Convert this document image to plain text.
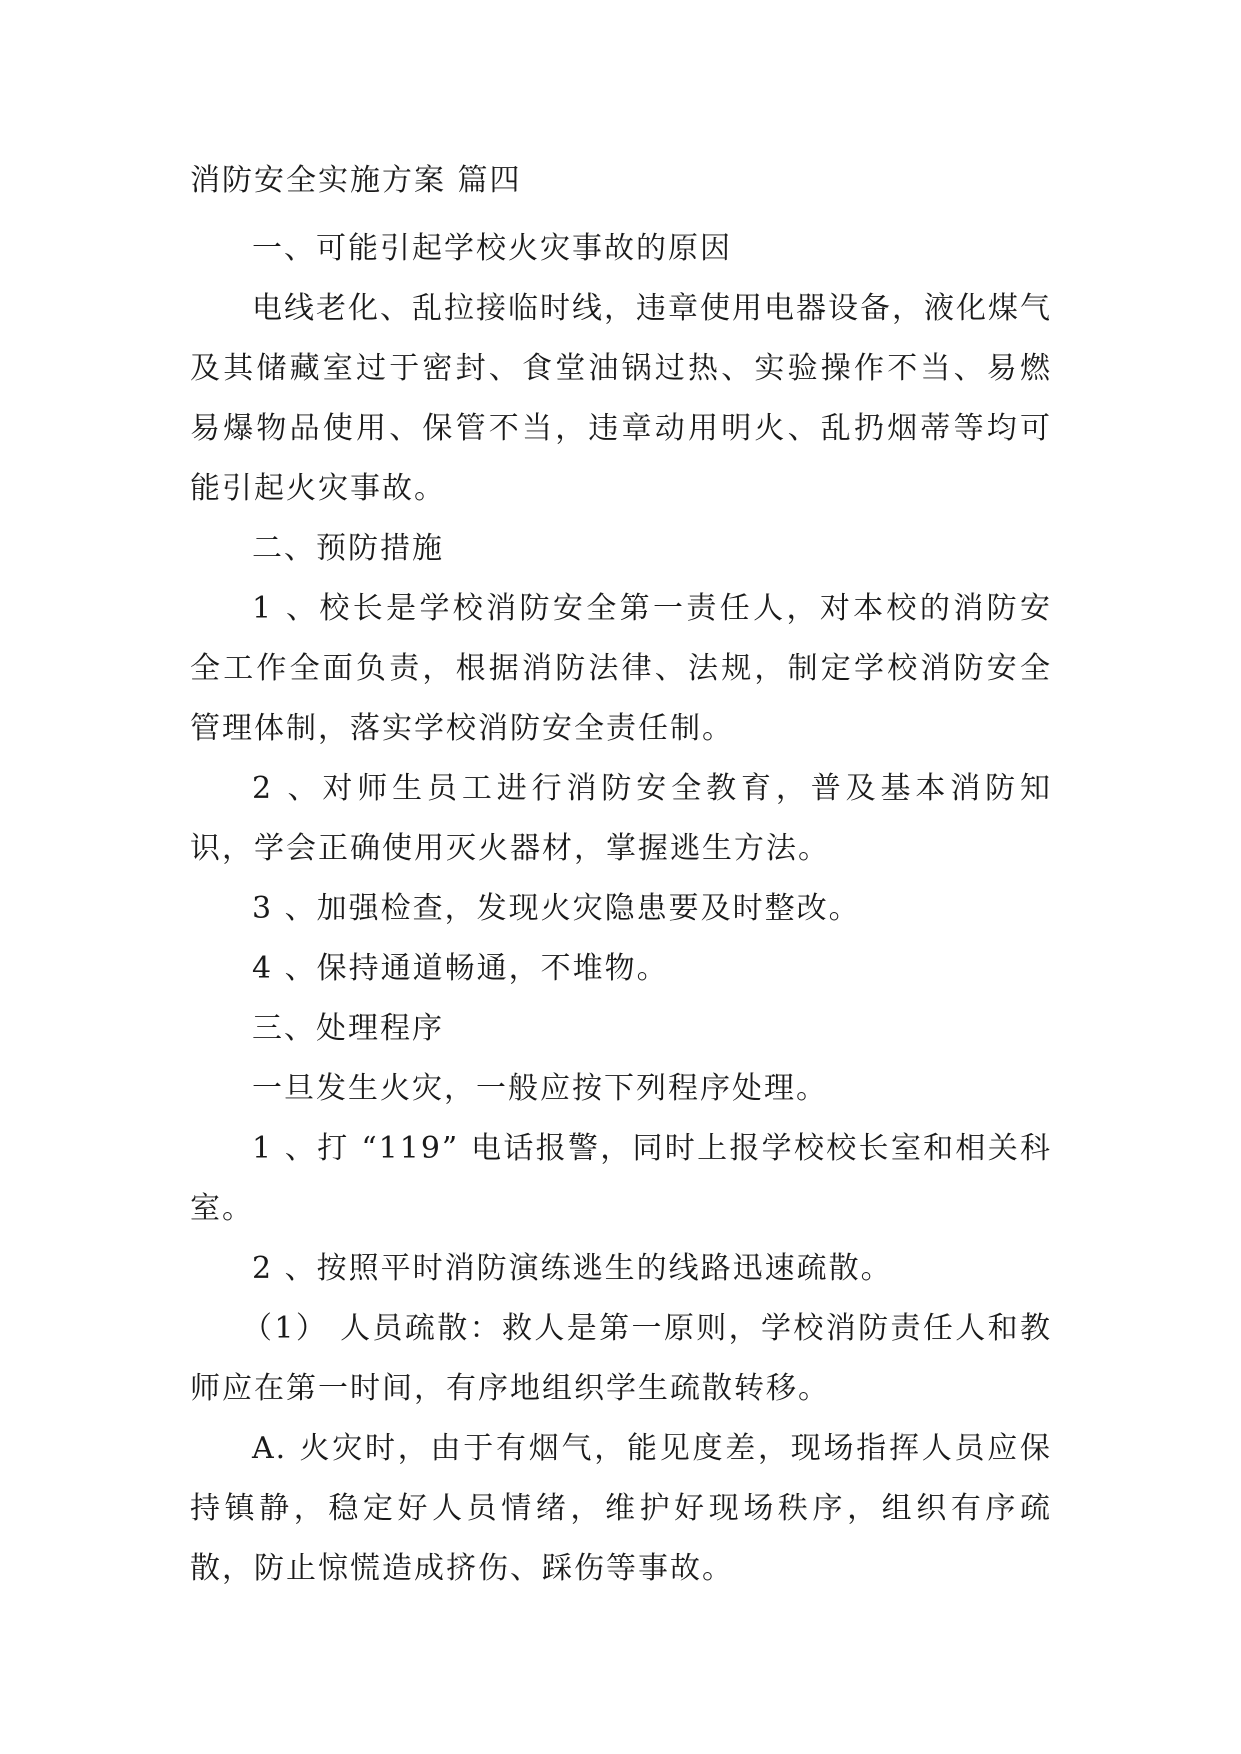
消防安全实施方案 篇四

一、可能引起学校火灾事故的原因

电线老化、乱拉接临时线，违章使用电器设备，液化煤气及其储藏室过于密封、食堂油锅过热、实验操作不当、易燃易爆物品使用、保管不当，违章动用明火、乱扔烟蒂等均可能引起火灾事故。

二、预防措施

1 、校长是学校消防安全第一责任人，对本校的消防安全工作全面负责，根据消防法律、法规，制定学校消防安全管理体制，落实学校消防安全责任制。

2 、对师生员工进行消防安全教育，普及基本消防知识，学会正确使用灭火器材，掌握逃生方法。

3 、加强检查，发现火灾隐患要及时整改。

4 、保持通道畅通，不堆物。

三、处理程序

一旦发生火灾，一般应按下列程序处理。

1 、打 “119” 电话报警，同时上报学校校长室和相关科室。

2 、按照平时消防演练逃生的线路迅速疏散。

（1） 人员疏散：救人是第一原则，学校消防责任人和教师应在第一时间，有序地组织学生疏散转移。

A. 火灾时，由于有烟气，能见度差，现场指挥人员应保持镇静，稳定好人员情绪，维护好现场秩序，组织有序疏散，防止惊慌造成挤伤、踩伤等事故。
